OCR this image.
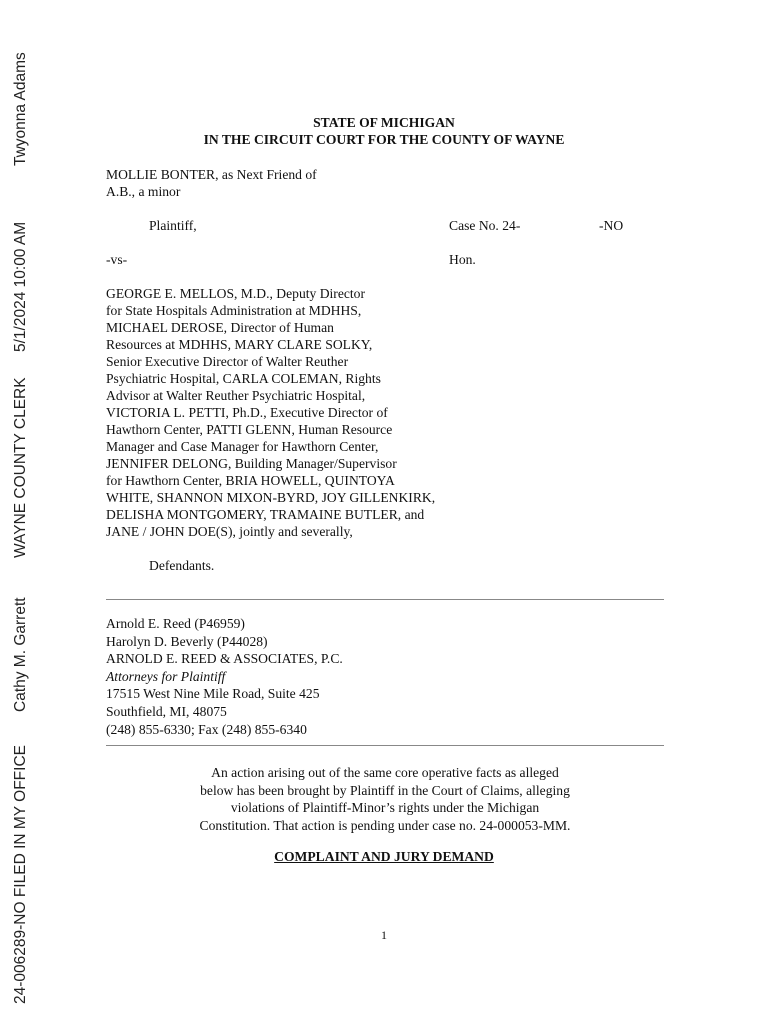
24-006289-NO FILED IN MY OFFICE
Cathy M. Garrett
WAYNE COUNTY CLERK
5/1/2024 10:00 AM
Twyonna Adams	STATE OF MICHIGAN
IN THE CIRCUIT COURT FOR THE COUNTY OF WAYNE
MOLLIE BONTER, as Next Friend of
A.B., a minor
Plaintiff,	Case No. 24-	-NO
-vs-	Hon.
GEORGE E. MELLOS, M.D., Deputy Director
for State Hospitals Administration at MDHHS,
MICHAEL DEROSE, Director of Human
Resources at MDHHS, MARY CLARE SOLKY,
Senior Executive Director of Walter Reuther
Psychiatric Hospital, CARLA COLEMAN, Rights
Advisor at Walter Reuther Psychiatric Hospital,
VICTORIA L. PETTI, Ph.D., Executive Director of
Hawthorn Center, PATTI GLENN, Human Resource
Manager and Case Manager for Hawthorn Center,
JENNIFER DELONG, Building Manager/Supervisor
for Hawthorn Center, BRIA HOWELL, QUINTOYA
WHITE, SHANNON MIXON-BYRD, JOY GILLENKIRK,
DELISHA MONTGOMERY, TRAMAINE BUTLER, and
JANE / JOHN DOE(S), jointly and severally,
Defendants.
Arnold E. Reed (P46959)
Harolyn D. Beverly (P44028)
ARNOLD E. REED & ASSOCIATES, P.C.
Attorneys for Plaintiff
17515 West Nine Mile Road, Suite 425
Southfield, MI, 48075
(248) 855-6330; Fax (248) 855-6340
An action arising out of the same core operative facts as alleged
below has been brought by Plaintiff in the Court of Claims, alleging
violations of Plaintiff-Minor’s rights under the Michigan
Constitution. That action is pending under case no. 24-000053-MM.
COMPLAINT AND JURY DEMAND
1
